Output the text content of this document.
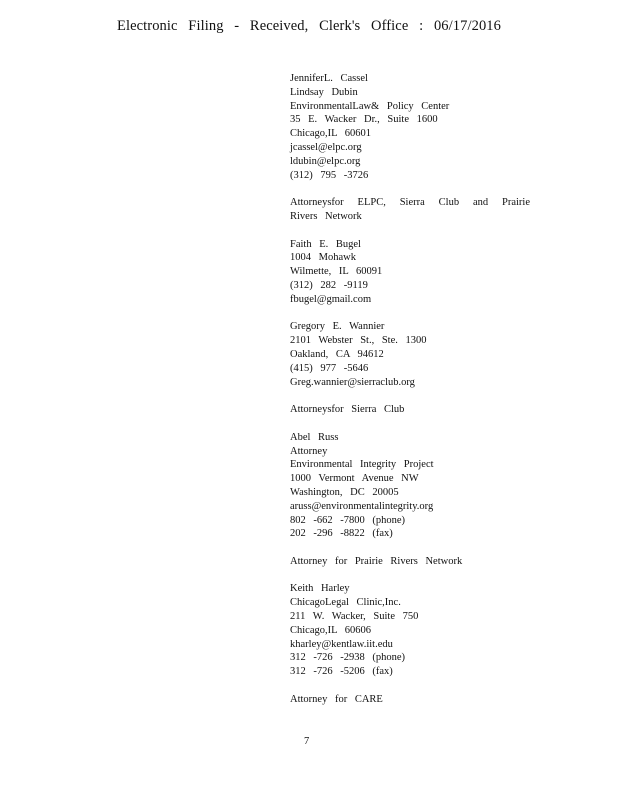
Electronic Filing - Received, Clerk's Office : 06/17/2016
JenniferL. Cassel
Lindsay Dubin
EnvironmentalLaw& Policy Center
35 E. Wacker Dr., Suite 1600
Chicago,IL 60601
jcassel@elpc.org
ldubin@elpc.org
(312) 795 -3726
Attorneysfor ELPC, Sierra Club and Prairie Rivers Network
Faith E. Bugel
1004 Mohawk
Wilmette, IL 60091
(312) 282 -9119
fbugel@gmail.com
Gregory E. Wannier
2101 Webster St., Ste. 1300
Oakland, CA 94612
(415) 977 -5646
Greg.wannier@sierraclub.org
Attorneysfor Sierra Club
Abel Russ
Attorney
Environmental Integrity Project
1000 Vermont Avenue NW
Washington, DC 20005
aruss@environmentalintegrity.org
802 -662 -7800 (phone)
202 -296 -8822 (fax)
Attorney for Prairie Rivers Network
Keith Harley
ChicagoLegal Clinic,Inc.
211 W. Wacker, Suite 750
Chicago,IL 60606
kharley@kentlaw.iit.edu
312 -726 -2938 (phone)
312 -726 -5206 (fax)
Attorney for CARE
7
